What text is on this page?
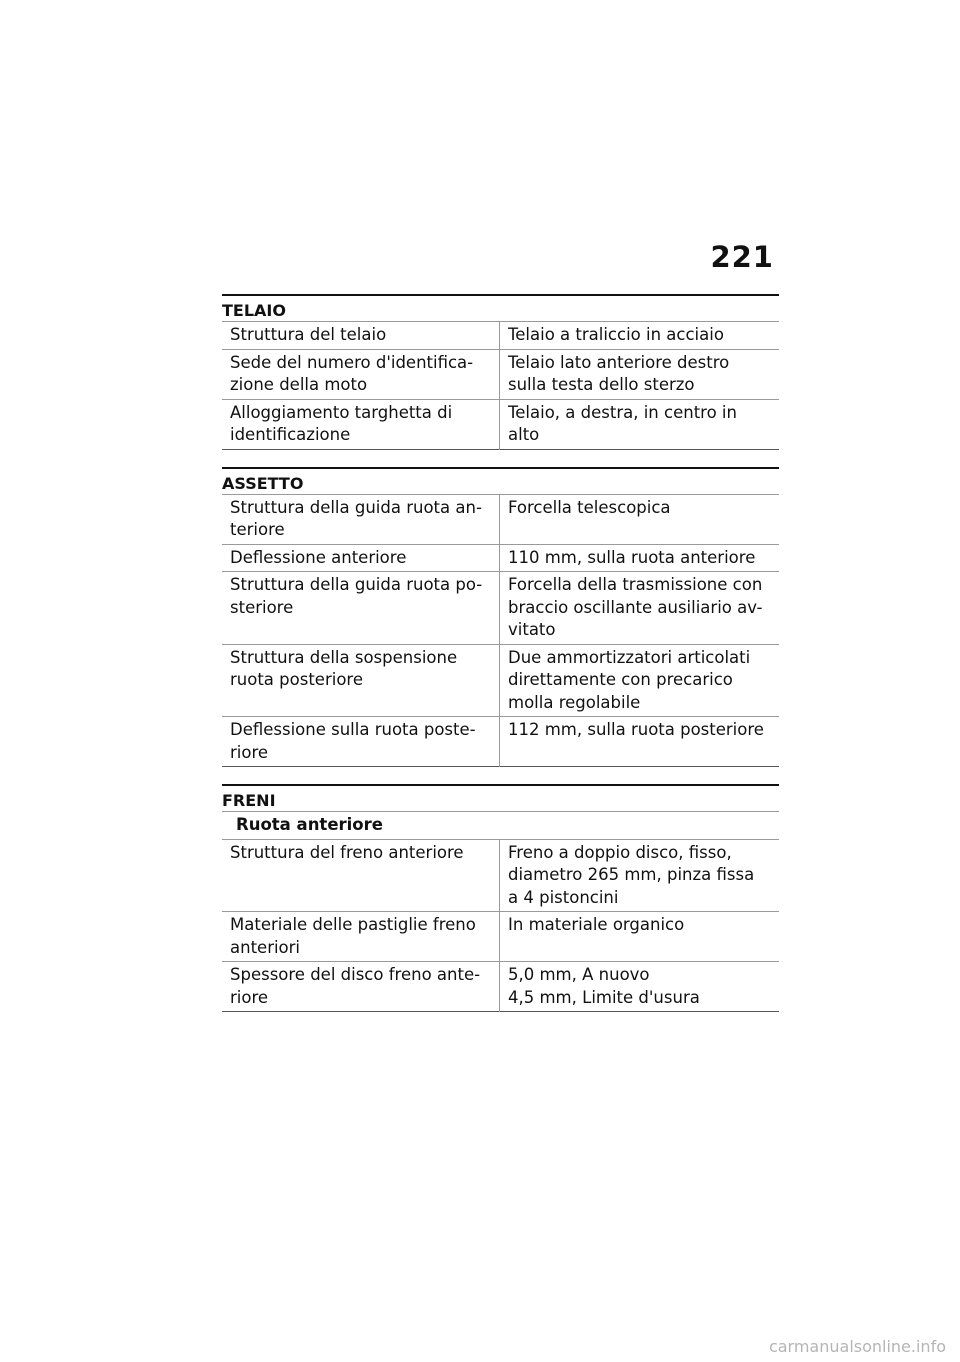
221
TELAIO
Struttura del telaio	Telaio a traliccio in acciaio
Sede del numero d'identifica-
zione della moto	Telaio lato anteriore destro
sulla testa dello sterzo
Alloggiamento targhetta di
identificazione	Telaio, a destra, in centro in
alto
ASSETTO
Struttura della guida ruota an-
teriore	Forcella telescopica
Deflessione anteriore	110 mm, sulla ruota anteriore
Struttura della guida ruota po-
steriore	Forcella della trasmissione con
braccio oscillante ausiliario av-
vitato
Struttura della sospensione
ruota posteriore	Due ammortizzatori articolati
direttamente con precarico
molla regolabile
Deflessione sulla ruota poste-
riore	112 mm, sulla ruota posteriore
FRENI
Ruota anteriore	
Struttura del freno anteriore	Freno a doppio disco, fisso,
diametro 265 mm, pinza fissa
a 4 pistoncini
Materiale delle pastiglie freno
anteriori	In materiale organico
Spessore del disco freno ante-
riore	5,0 mm, A nuovo
4,5 mm, Limite d'usura
carmanualsonline.info
